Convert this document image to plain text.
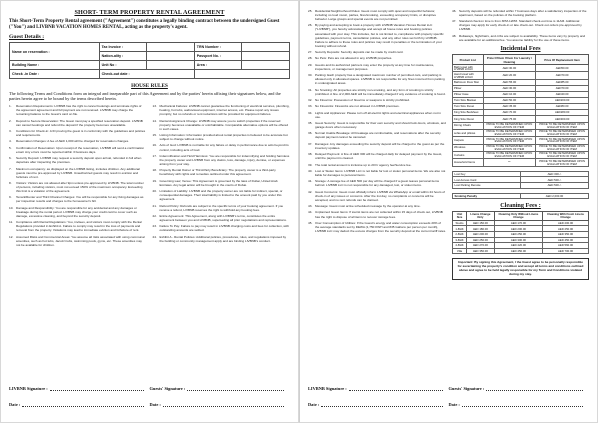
SHORT- TERM PROPERTY RENTAL AGREEMENT
This Short-Term Property Rental agreement ("Agreement") constitutes a legally binding contract between the undersigned Guest ("You") and LIVBNB VACATION HOMES RENTAL, acting as the property's agent.
Guest Details :
Name on reservation :	Tax Invoice :		TRN Number :	
	Nation-ality :		Passport No. :	
Building Name :	Unit No :		Area :	
Check -in Date :	Check-out date :			
HOUSE RULES
The following Terms and Conditions form an integral and inseparable part of this Agreement and by the parties' herein affixing their signatures below, and the parties herein agree to be bound by the terms described herein.
1.	Reservation Requirements: LIVBNB has the right to cancel bookings and terminate rights of the agreement agreement and full payment are not received. LIVBNB may charge the remaining balance to the Guest's card on file.
2.	Deposit to Secure Reservation: The Guest must pay a specified reservation deposit. LIVBNB can cancel bookings and refund the deposit if the property becomes unavailable.
3.	Conditions for Check-in: A ID proving the guest is in conformity with the guidelines and policies and requirements.
4.	Reservation Changes: A fee of AED 1,000 will be charged for reservation changes.
5.	Confirmation of Reservation: Upon receipt of the reservation, LIVBNB will send a confirmation email. Any errors must be reported within 3 business days.
6.	Security Deposit: LIVBNB may request a security deposit upon arrival, refunded in full when departure after inspecting the premises.
7.	Maximum occupancy: as displayed on the LIVBNB listing, includes children. Any additional guests must be pre-approved by LIVBNB. Unauthorized guests may result in eviction and forfeiture of rent.
8.	Visitors: Visitors are not allowed after 9pm unless pre-approved by LIVBNB. The total number of persons, including visitors, must not exceed 150% of the maximum occupancy. Exceeding this limit is a violation of the agreement.
9.	Tenant/Renter and Third Channel Charges: You will be responsible for any fixing damages as per inspection results and charges to the homeowner's bill.
10. Damage and Responsibility: You are responsible for any accidental and any damages or breakage during the rental period. LIVBNB may charge your credit card to cover such as damage, excessive cleaning, and beyond the security deposit.
11. Compliance with Rental Regulations: You, invitees, and visitors must comply with the Rental Regulations provided in Exhibit A. Failure to comply may result in the loss of payments and removal from the property. Violations may lead to immediate eviction and forfeiture of rent.
12. Assumed Risks and Commercial Areas: You assume all risks associated with using communal amenities, such as hot tubs, Jacuzzi tubs, swimming pools, gyms, etc. These amenities may not be available for children.
13. Mechanical Failures: LIVBNB cannot guarantee the functioning of electrical services, plumbing, heating, hot tubs, audiovisual equipment, internet access, etc. Please report any issues promptly, but no refunds or rent reductions will be provided for equipment failures.
14. Rental Assignment Change: LIVBNB may assure you to switch properties if the reserved property becomes unavailable or uninhabitable. Comparable alternative options will be offered in such cases.
15. Listing Information: Information provided about rental properties is believed to be accurate but subject to change without notice.
16. Acts of God: LIVBNB is not liable for any failure or delay in performance due to acts beyond its control, including acts of God.
17. Indemnification and Hold Harmless: You are responsible for indemnifying and holding harmless the property owner and LIVBNB from any claims, loss, damage, injury, demise, or expenses arising from your stay.
18. Property Rental Owner or Third-Party Beneficiary: The property owner is a third-party beneficiary with rights and remedies outlined under this agreement.
19. Governing Law; Venue: This Agreement is governed by the laws of Dubai, United Arab Emirates. Any legal action will be brought in the courts of Dubai.
20. Limitation of Liability: LIVBNB and the property owner are not liable for indirect, special, or consequential damages. Their total liability is limited to the amount paid by you under this agreement.
21. Refund Policy: Refunds are subject to the specific terms of your booking agreement. If you receive a refund, LIVBNB reserves the right to withhold any booking fees.
22. Entire Agreement: This Agreement, along with LIVBNB's terms, constitutes the entire agreement between you and LIVBNB, superseding all prior negotiations and representations.
23. Failure To Pay: Failure to pay may result in LIVBNB charging costs and fees for collection, with outstanding amounts are settled.
24. Exhibit A - Rental Policies: Additional policies, procedures, rules, and regulations imposed by the building or community management apply and are binding LIVBNB's conduct.
LIVBNB Signature :	Guests' Signature :
Date :	Date :
25. Residential Neighborhood Rules: Guest must comply with quiet and respectful behavior, including no loud music, parties, fires/smoking, exceeding occupancy limits, or disruptive behavior. Large groups and special events are not permitted.
26. By paying and accepting to book a property with LIVBNB Vacation Homes Rental LLC ("LIVBNB"), you hereby acknowledge and accept all house rules and booking policies associated with your stay. This includes, but is not limited to, compliance with property specific guidelines, payment terms, cancellation policies, and any other rules set forth by LIVBNB. Failure to adhere to these rules and policies may result in penalties or the termination of your booking without refund.
27. Security Deposits: Security deposits can be made by credit card.
28. No Pets: Pets are not allowed in any LIVBNB properties.
29. Guests and its authorized partners may enter the property at any time for maintenance, inspections, or management purposes.
30. Parking: Each property has a designated maximum number of permitted cars, and parking is allowed only in allocated spaces. LIVBNB is not responsible for any fines incurred from parking in undesignated areas.
31. No Smoking: All properties are strictly non-smoking, and any form of smoking is strictly prohibited. A fine of 2,000 AED will be immediately charged if any evidence of smoking is found.
32. No Firearms: Possession of firearms or weapons is strictly prohibited.
33. No Fireworks: Fireworks are not allowed in LIVBNB premises.
34. Lights and Appliances: Please turn off all electric lights and electrical appliances when not in use.
35. Guest Security: Guest is responsible for their own security and should lock doors, windows, and garage doors when necessary.
36. Normal Usable Breakage: All breakage are reimbursable, and reservations after the security deposit payment cannot be canceled.
37. Damages: Any damages exceeding the security deposit will be charged to the guest as per the inventory updates.
38. Delayed Payment: A fine of AED 300 will be charged daily for delayed payment by the Guest, until the payment is cleared.
39. The total rental amount is inclusive up to 20 hr agency fee/Service fee.
40. Lost or Stolen Items: LIVBNB LLC is not liable for lost or stolen personal items. We are also not liable for damages to personal items.
41. Storage: A storage fee of AED 500 per day will be charged if a guest leaves personal items behind. LIVBNB LLC is not responsible for any damaged, lost, or stolen items.
42. Guest Concerns: Guest must officially inform LIVBNB via WhatsApp or email within 24 hours of check-in of any issues or concerns. After the 1st day, no complaints or concerns will be accepted, and no rent refunds can be claimed.
43. Message: Guest must arrive scheduled message by the operator at any time.
44. Unplanned Guest Items: If tourist items are not collected within 15 days of check out, LIVBNB has the right to dispose of all items to recover storage fees.
45. Over Consumption of Utilities: If the Guest's energy and water consumption exceeds 20% of the average standards set by DEWA (1,750 KWH and 835 Gallons per person per month), LIVBNB LLC may deduct the excess charges from the security deposit at the current tariff rates.
46. Security deposits will be refunded within 7 business days after a satisfactory inspection of the apartment, based on the policies of the booking platform.
47. Standard check-in time is from 3PM-12PM. Standard check-out time is 11AM. Additional charges may apply for early check-in or late check-out. Check out orders pre-approved by LIVBNB.
48. Rollaways, highchairs, and cribs are subject to availability. These items vary by property and are available for an additional fee. You assume liability for the use of these items.
Incidental Fees
Product List	Price Of Item If Item For Laundry / Cleaning	Price Of Replacement Item
Bath towel with LIVBNB LOGO	AED 30.00	AED50.00
Hand towel with LIVBNB LOGO	AED 20.00	AED70.00
Bathroom Floor Mat	AED 55.00	AED85.00
Pillow	AED 30.00	AED70.00
Pillow Case	AED 10.00	AED40.00
Twin Size Blanket	AED 50.00	AED200.00
Twin Size Duvet	AED 35.00	AED80.00
King Size Bedsheet	AED 70.00	AED280.00
King Size Duvet	AED 75.00	AED300.00
Dining Chairs	PRICE TO BE DETERMINED UPON EVALUATION OF ITEM	PRICE TO BE DETERMINED UPON EVALUATION OF ITEM
sofas and pillows	PRICE TO BE DETERMINED UPON EVALUATION OF ITEM	PRICE TO BE DETERMINED UPON EVALUATION OF ITEM
Carpets	PRICE TO BE DETERMINED UPON EVALUATION OF ITEM	PRICE TO BE DETERMINED UPON EVALUATION OF ITEM
Windows	PRICE TO BE DETERMINED UPON EVALUATION OF ITEM	PRICE TO BE DETERMINED UPON EVALUATION OF ITEM
Curtains	PRICE TO BE DETERMINED UPON EVALUATION OF ITEM	PRICE TO BE DETERMINED UPON EVALUATION OF ITEM
Household Items	**	PRICE TO BE DETERMINED UPON EVALUATION OF ITEM
Lost Key	AED 300 /-
Lost Access Card	AED 500 /-
Lost Parking Remote	AED 500 /-
Smoking Penalty	AED 2,000.00
Cleaning Fees :
Unit Size	Linens Change Only	Cleaning Only Without Linens Change	Cleaning With Fresh Linens Change
Studio	AED 150.00	AED 170.00	AED 200.00
1-BHK	AED 180.00	AED 200.00	AED 250.00
2-BHK	AED 200.00	AED 250.00	AED 350.00
3-BHK	AED 250.00	AED 300.00	AED 450.00
4-BHK	AED 270.00	AED 420.00	AED 560.00
Villa	AED 350.00	AED 450.00	AED 700.00
Important: By signing this Agreement, I the Guest agree to be personally responsible for ascertaining the property's condition and accept all terms and conditions outlined above and agree to be held legally responsible for my Term and Conditions violated during my stay.
LIVBNB Signature :	Guests' Signature :
Date :	Date :
